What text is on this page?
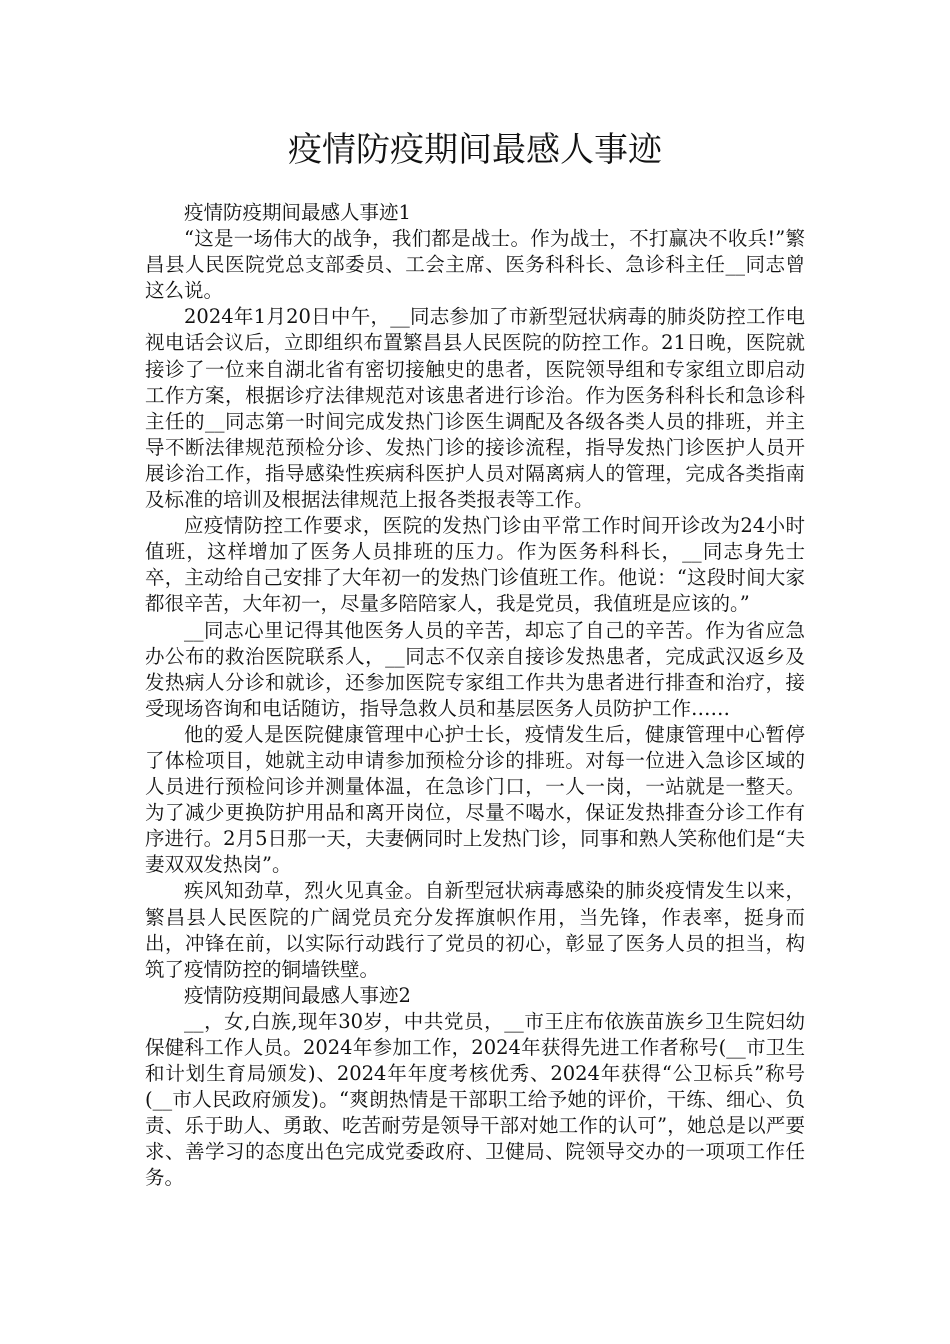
疫情防疫期间最感人事迹

疫情防疫期间最感人事迹1

“这是一场伟大的战争，我们都是战士。作为战士，不打赢决不收兵!”繁昌县人民医院党总支部委员、工会主席、医务科科长、急诊科主任__同志曾这么说。

2024年1月20日中午，__同志参加了市新型冠状病毒的肺炎防控工作电视电话会议后，立即组织布置繁昌县人民医院的防控工作。21日晚，医院就接诊了一位来自湖北省有密切接触史的患者，医院领导组和专家组立即启动工作方案，根据诊疗法律规范对该患者进行诊治。作为医务科科长和急诊科主任的__同志第一时间完成发热门诊医生调配及各级各类人员的排班，并主导不断法律规范预检分诊、发热门诊的接诊流程，指导发热门诊医护人员开展诊治工作，指导感染性疾病科医护人员对隔离病人的管理，完成各类指南及标准的培训及根据法律规范上报各类报表等工作。

应疫情防控工作要求，医院的发热门诊由平常工作时间开诊改为24小时值班，这样增加了医务人员排班的压力。作为医务科科长，__同志身先士卒，主动给自己安排了大年初一的发热门诊值班工作。他说：“这段时间大家都很辛苦，大年初一，尽量多陪陪家人，我是党员，我值班是应该的。”

__同志心里记得其他医务人员的辛苦，却忘了自己的辛苦。作为省应急办公布的救治医院联系人，__同志不仅亲自接诊发热患者，完成武汉返乡及发热病人分诊和就诊，还参加医院专家组工作共为患者进行排查和治疗，接受现场咨询和电话随访，指导急救人员和基层医务人员防护工作……

他的爱人是医院健康管理中心护士长，疫情发生后，健康管理中心暂停了体检项目，她就主动申请参加预检分诊的排班。对每一位进入急诊区域的人员进行预检问诊并测量体温，在急诊门口，一人一岗，一站就是一整天。为了减少更换防护用品和离开岗位，尽量不喝水，保证发热排查分诊工作有序进行。2月5日那一天，夫妻俩同时上发热门诊，同事和熟人笑称他们是“夫妻双双发热岗”。

疾风知劲草，烈火见真金。自新型冠状病毒感染的肺炎疫情发生以来，繁昌县人民医院的广阔党员充分发挥旗帜作用，当先锋，作表率，挺身而出，冲锋在前，以实际行动践行了党员的初心，彰显了医务人员的担当，构筑了疫情防控的铜墙铁壁。

疫情防疫期间最感人事迹2

__，女,白族,现年30岁，中共党员，__市王庄布依族苗族乡卫生院妇幼保健科工作人员。2024年参加工作，2024年获得先进工作者称号(__市卫生和计划生育局颁发)、2024年年度考核优秀、2024年获得“公卫标兵”称号(__市人民政府颁发)。“爽朗热情是干部职工给予她的评价，干练、细心、负责、乐于助人、勇敢、吃苦耐劳是领导干部对她工作的认可”，她总是以严要求、善学习的态度出色完成党委政府、卫健局、院领导交办的一项项工作任务。
